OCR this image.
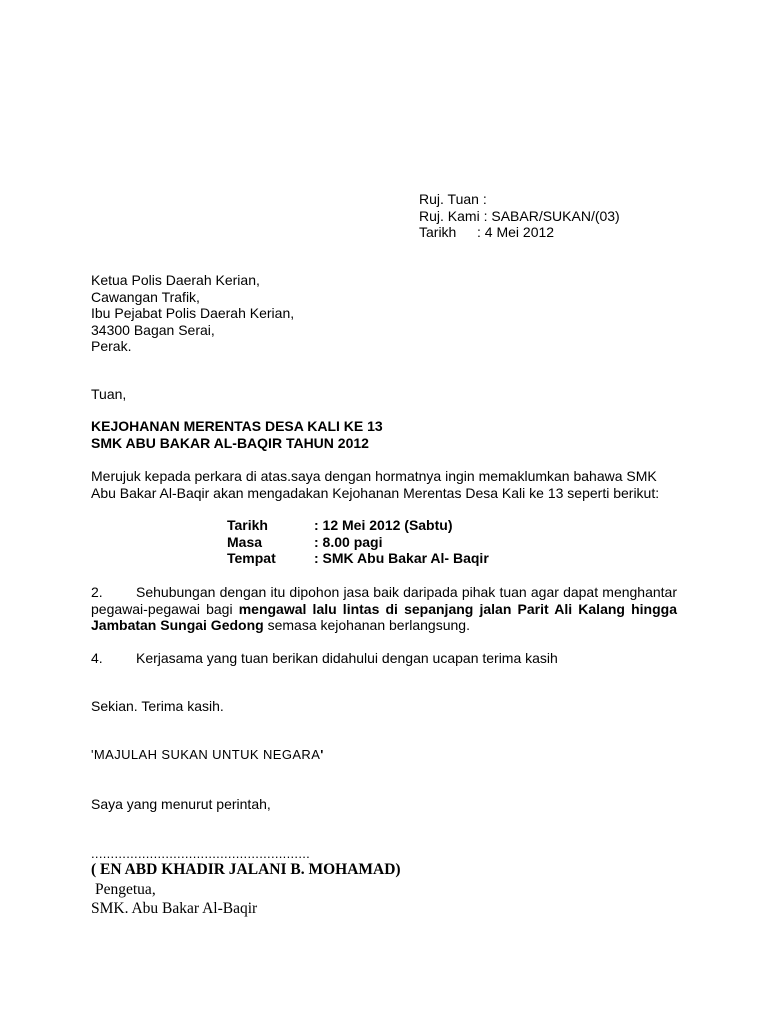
Ruj. Tuan :
Ruj. Kami : SABAR/SUKAN/(03)
Tarikh : 4 Mei 2012
Ketua Polis Daerah Kerian,
Cawangan Trafik,
Ibu Pejabat Polis Daerah Kerian,
34300 Bagan Serai,
Perak.
Tuan,
KEJOHANAN MERENTAS DESA KALI KE 13
SMK ABU BAKAR AL-BAQIR TAHUN 2012
Merujuk kepada perkara di atas.saya dengan hormatnya ingin memaklumkan bahawa SMK Abu Bakar Al-Baqir akan mengadakan Kejohanan Merentas Desa Kali ke 13 seperti berikut:
Tarikh	: 12 Mei 2012 (Sabtu)
Masa	: 8.00 pagi
Tempat	: SMK Abu Bakar Al- Baqir
2. Sehubungan dengan itu dipohon jasa baik daripada pihak tuan agar dapat menghantar pegawai-pegawai bagi mengawal lalu lintas di sepanjang jalan Parit Ali Kalang hingga Jambatan Sungai Gedong semasa kejohanan berlangsung.
4. Kerjasama yang tuan berikan didahului dengan ucapan terima kasih
Sekian. Terima kasih.
'MAJULAH SUKAN UNTUK NEGARA'
Saya yang menurut perintah,
........................................................
( EN ABD KHADIR JALANI B. MOHAMAD)
Pengetua,
SMK. Abu Bakar Al-Baqir
